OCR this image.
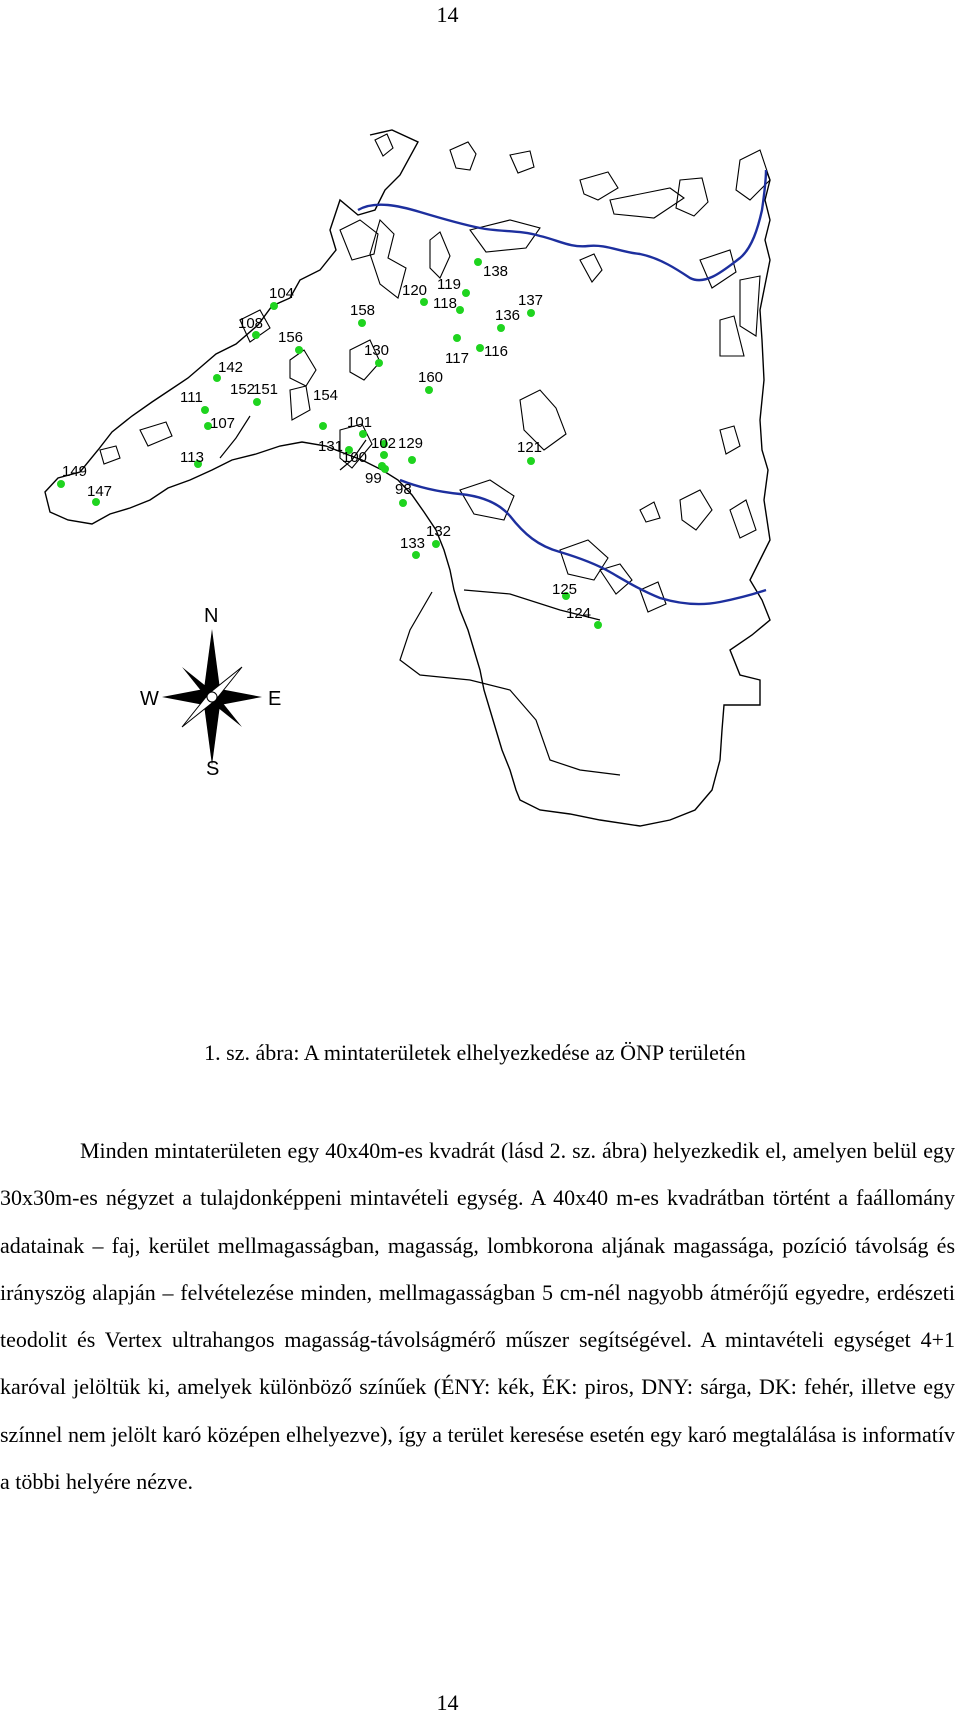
14
149
147
113
111
107
142
152
151
104
108
156
154
131
100
101
158
130
99
98
102 129
133
132
160
117 116
120
118
119
138
136
137
121
125
124
N
E
S
W
1. sz. ábra: A mintaterületek elhelyezkedése az ÖNP területén
Minden mintaterületen egy 40x40m-es kvadrát (lásd 2. sz. ábra) helyezkedik el, amelyen belül egy 30x30m-es négyzet a tulajdonképpeni mintavételi egység. A 40x40 m-es kvadrátban történt a faállomány adatainak – faj, kerület mellmagasságban, magasság, lombkorona aljának magassága, pozíció távolság és irányszög alapján – felvételezése minden, mellmagasságban 5 cm-nél nagyobb átmérőjű egyedre, erdészeti teodolit és Vertex ultrahangos magasság-távolságmérő műszer segítségével. A mintavételi egységet 4+1 karóval jelöltük ki, amelyek különböző színűek (ÉNY: kék, ÉK: piros, DNY: sárga, DK: fehér, illetve egy színnel nem jelölt karó középen elhelyezve), így a terület keresése esetén egy karó megtalálása is informatív a többi helyére nézve.
14
